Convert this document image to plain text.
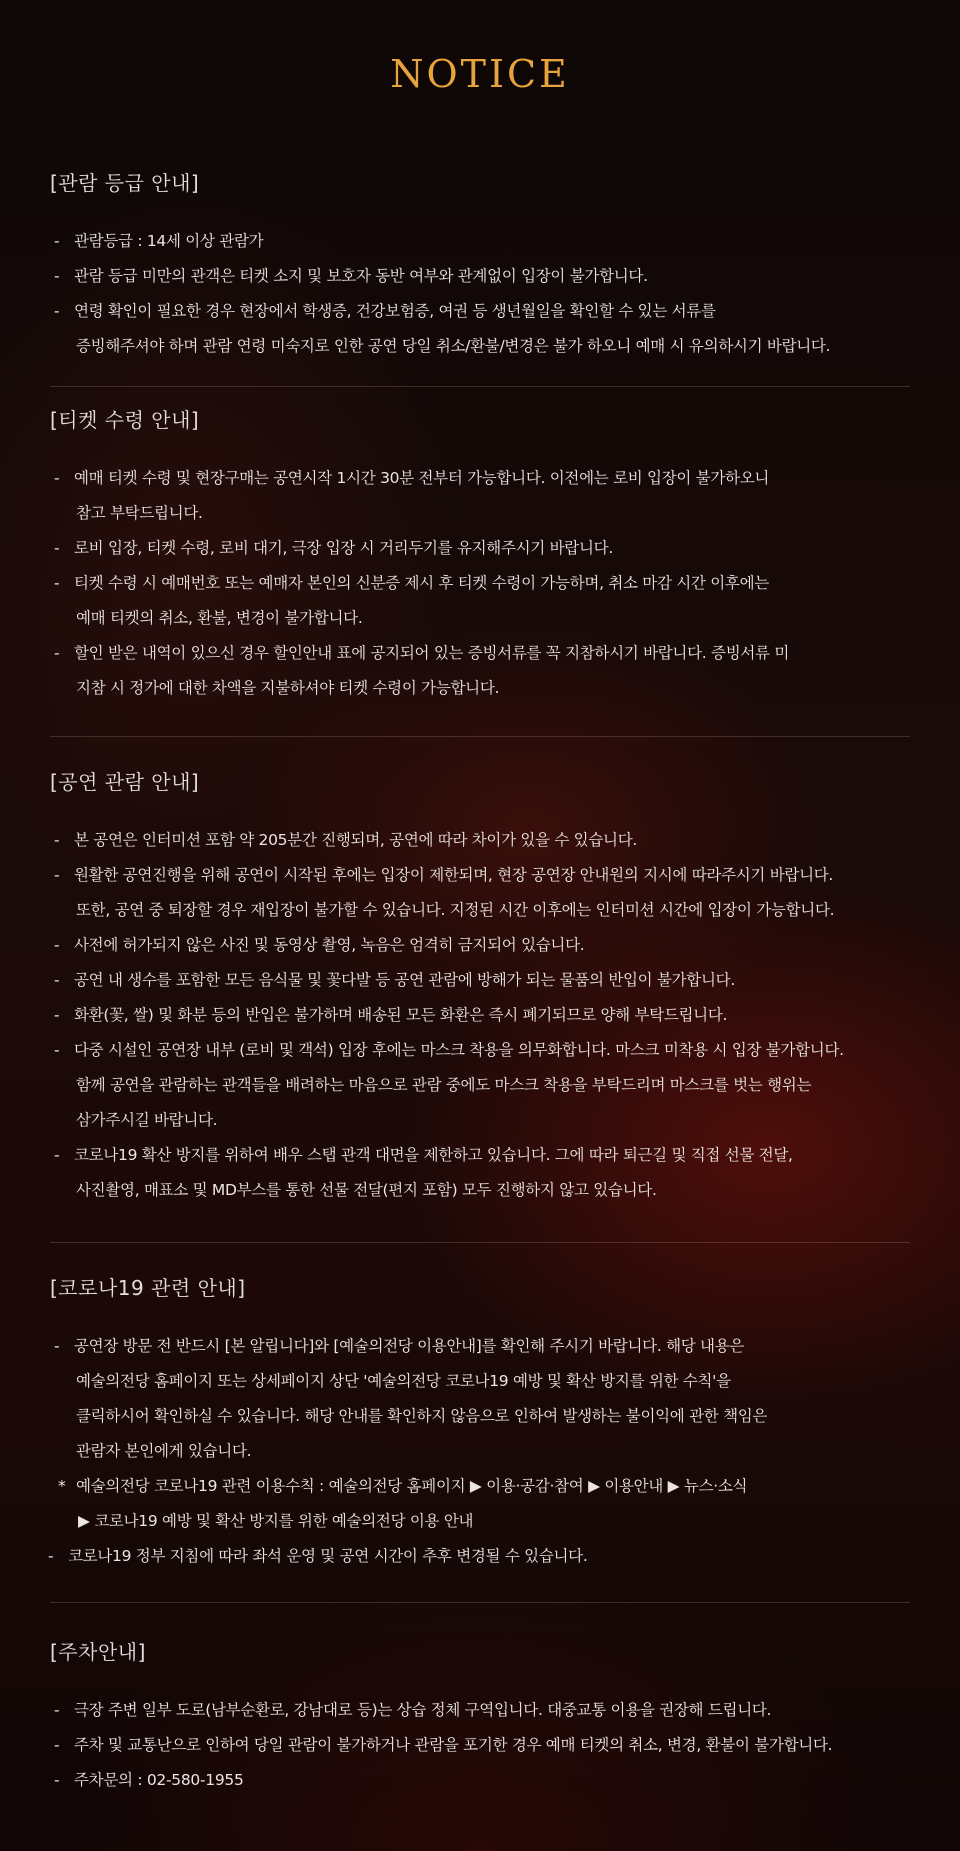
NOTICE
[관람 등급 안내]
- 관람등급 : 14세 이상 관람가
- 관람 등급 미만의 관객은 티켓 소지 및 보호자 동반 여부와 관계없이 입장이 불가합니다.
- 연령 확인이 필요한 경우 현장에서 학생증, 건강보험증, 여권 등 생년월일을 확인할 수 있는 서류를
증빙해주셔야 하며 관람 연령 미숙지로 인한 공연 당일 취소/환불/변경은 불가 하오니 예매 시 유의하시기 바랍니다.
[티켓 수령 안내]
- 예매 티켓 수령 및 현장구매는 공연시작 1시간 30분 전부터 가능합니다. 이전에는 로비 입장이 불가하오니
참고 부탁드립니다.
- 로비 입장, 티켓 수령, 로비 대기, 극장 입장 시 거리두기를 유지해주시기 바랍니다.
- 티켓 수령 시 예매번호 또는 예매자 본인의 신분증 제시 후 티켓 수령이 가능하며, 취소 마감 시간 이후에는
예매 티켓의 취소, 환불, 변경이 불가합니다.
- 할인 받은 내역이 있으신 경우 할인안내 표에 공지되어 있는 증빙서류를 꼭 지참하시기 바랍니다. 증빙서류 미
지참 시 정가에 대한 차액을 지불하셔야 티켓 수령이 가능합니다.
[공연 관람 안내]
- 본 공연은 인터미션 포함 약 205분간 진행되며, 공연에 따라 차이가 있을 수 있습니다.
- 원활한 공연진행을 위해 공연이 시작된 후에는 입장이 제한되며, 현장 공연장 안내원의 지시에 따라주시기 바랍니다.
또한, 공연 중 퇴장할 경우 재입장이 불가할 수 있습니다. 지정된 시간 이후에는 인터미션 시간에 입장이 가능합니다.
- 사전에 허가되지 않은 사진 및 동영상 촬영, 녹음은 엄격히 금지되어 있습니다.
- 공연 내 생수를 포함한 모든 음식물 및 꽃다발 등 공연 관람에 방해가 되는 물품의 반입이 불가합니다.
- 화환(꽃, 쌀) 및 화분 등의 반입은 불가하며 배송된 모든 화환은 즉시 폐기되므로 양해 부탁드립니다.
- 다중 시설인 공연장 내부 (로비 및 객석) 입장 후에는 마스크 착용을 의무화합니다. 마스크 미착용 시 입장 불가합니다.
함께 공연을 관람하는 관객들을 배려하는 마음으로 관람 중에도 마스크 착용을 부탁드리며 마스크를 벗는 행위는
삼가주시길 바랍니다.
- 코로나19 확산 방지를 위하여 배우 스탭 관객 대면을 제한하고 있습니다. 그에 따라 퇴근길 및 직접 선물 전달,
사진촬영, 매표소 및 MD부스를 통한 선물 전달(편지 포함) 모두 진행하지 않고 있습니다.
[코로나19 관련 안내]
- 공연장 방문 전 반드시 [본 알립니다]와 [예술의전당 이용안내]를 확인해 주시기 바랍니다. 해당 내용은
예술의전당 홈페이지 또는 상세페이지 상단 '예술의전당 코로나19 예방 및 확산 방지를 위한 수칙'을
클릭하시어 확인하실 수 있습니다. 해당 안내를 확인하지 않음으로 인하여 발생하는 불이익에 관한 책임은
관람자 본인에게 있습니다.
* 예술의전당 코로나19 관련 이용수칙 : 예술의전당 홈페이지 ▶ 이용·공감·참여 ▶ 이용안내 ▶ 뉴스·소식
▶ 코로나19 예방 및 확산 방지를 위한 예술의전당 이용 안내
- 코로나19 정부 지침에 따라 좌석 운영 및 공연 시간이 추후 변경될 수 있습니다.
[주차안내]
- 극장 주변 일부 도로(남부순환로, 강남대로 등)는 상습 정체 구역입니다. 대중교통 이용을 권장해 드립니다.
- 주차 및 교통난으로 인하여 당일 관람이 불가하거나 관람을 포기한 경우 예매 티켓의 취소, 변경, 환불이 불가합니다.
- 주차문의 : 02-580-1955
